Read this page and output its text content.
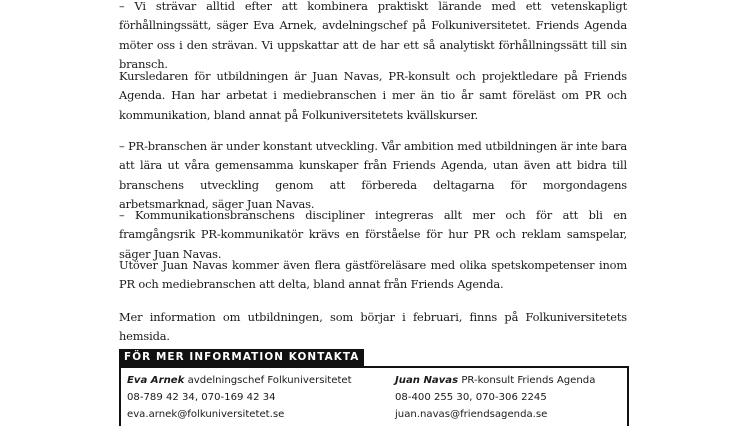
– Vi strävar alltid efter att kombinera praktiskt lärande med ett vetenskapligt förhållningssätt, säger Eva Arnek, avdelningschef på Folkuniversitetet. Friends Agenda möter oss i den strävan. Vi uppskattar att de har ett så analytiskt förhållningssätt till sin bransch.

Kursledaren för utbildningen är Juan Navas, PR-konsult och projektledare på Friends Agenda. Han har arbetat i mediebranschen i mer än tio år samt föreläst om PR och kommunikation, bland annat på Folkuniversitetets kvällskurser.

– PR-branschen är under konstant utveckling. Vår ambition med utbildningen är inte bara att lära ut våra gemensamma kunskaper från Friends Agenda, utan även att bidra till branschens utveckling genom att förbereda deltagarna för morgondagens arbetsmarknad, säger Juan Navas.

– Kommunikationsbranschens discipliner integreras allt mer och för att bli en framgångsrik PR-kommunikatör krävs en förståelse för hur PR och reklam samspelar, säger Juan Navas.

Utöver Juan Navas kommer även flera gästföreläsare med olika spetskompetenser inom PR och mediebranschen att delta, bland annat från Friends Agenda.

Mer information om utbildningen, som börjar i februari, finns på Folkuniversitetets hemsida.

FÖR MER INFORMATION KONTAKTA
Eva Arnek avdelningschef Folkuniversitetet
08-789 42 34, 070-169 42 34
eva.arnek@folkuniversitetet.se
Juan Navas PR-konsult Friends Agenda
08-400 255 30, 070-306 2245
juan.navas@friendsagenda.se
